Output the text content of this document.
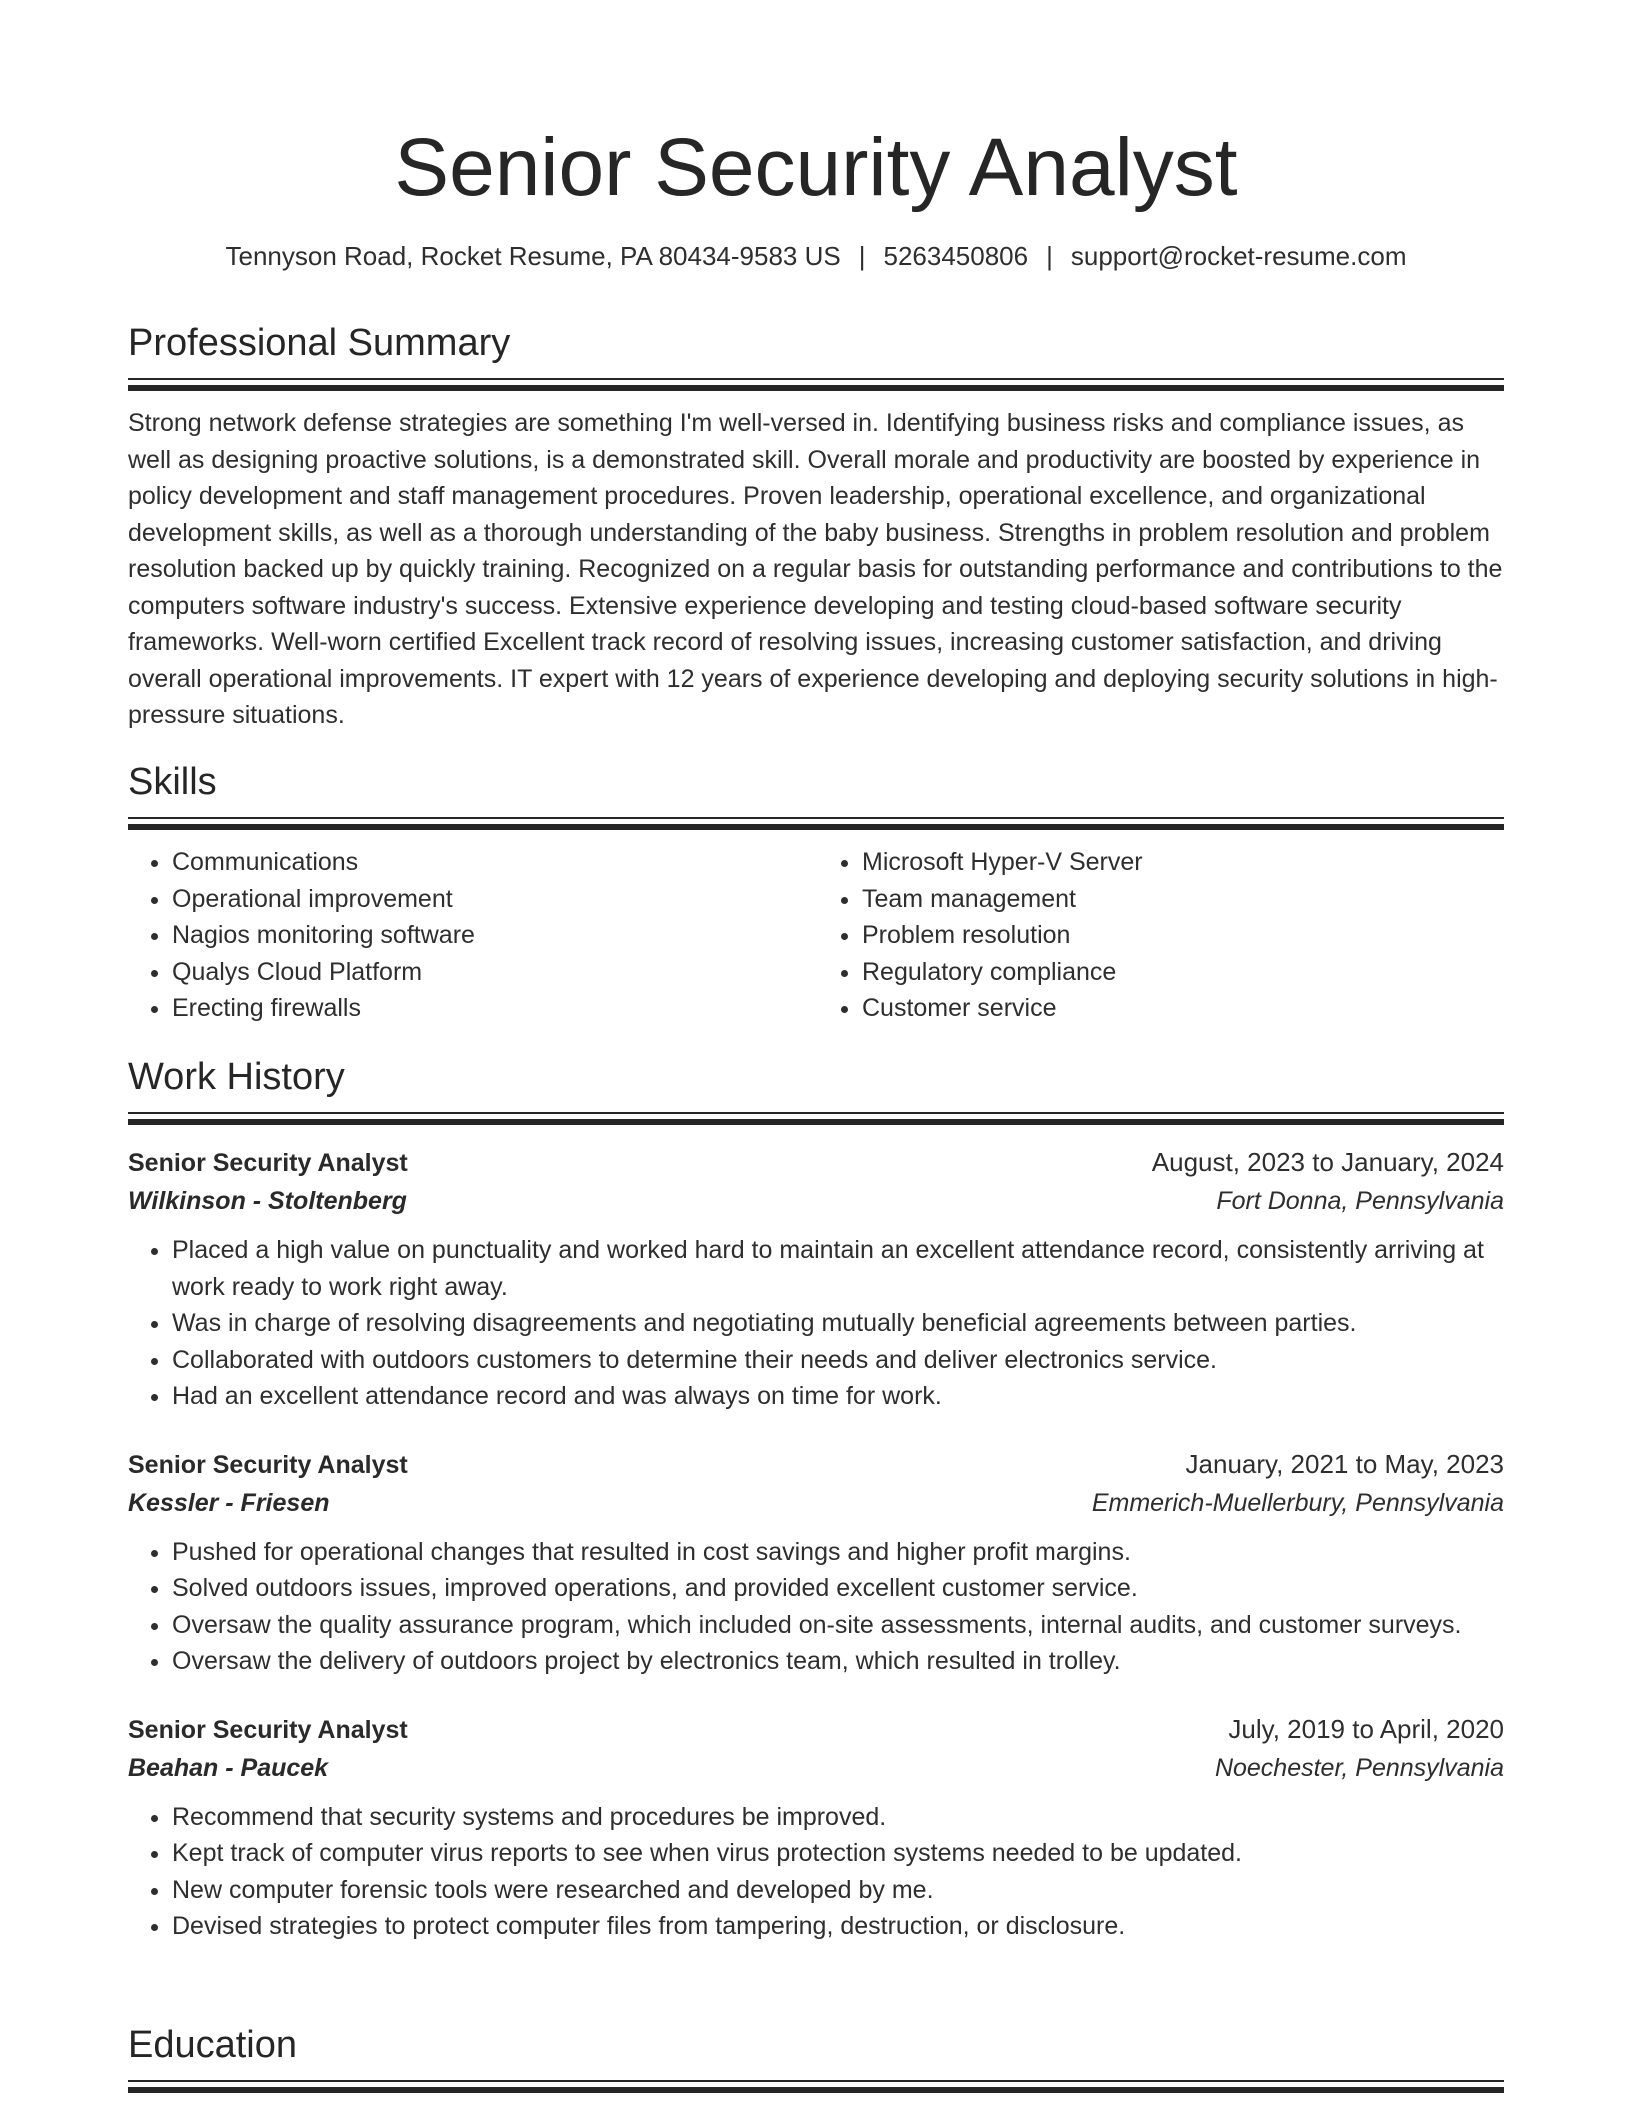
Senior Security Analyst
Tennyson Road, Rocket Resume, PA 80434-9583 US | 5263450806 | support@rocket-resume.com
Professional Summary

Strong network defense strategies are something I'm well-versed in. Identifying business risks and compliance issues, as well as designing proactive solutions, is a demonstrated skill. Overall morale and productivity are boosted by experience in policy development and staff management procedures. Proven leadership, operational excellence, and organizational development skills, as well as a thorough understanding of the baby business. Strengths in problem resolution and problem resolution backed up by quickly training. Recognized on a regular basis for outstanding performance and contributions to the computers software industry's success. Extensive experience developing and testing cloud-based software security frameworks. Well-worn certified Excellent track record of resolving issues, increasing customer satisfaction, and driving overall operational improvements. IT expert with 12 years of experience developing and deploying security solutions in high-pressure situations.

Skills
• Communications
• Operational improvement
• Nagios monitoring software
• Qualys Cloud Platform
• Erecting firewalls
• Microsoft Hyper-V Server
• Team management
• Problem resolution
• Regulatory compliance
• Customer service
Work History
Senior Security Analyst	August, 2023 to January, 2024
Wilkinson - Stoltenberg	Fort Donna, Pennsylvania
• Placed a high value on punctuality and worked hard to maintain an excellent attendance record, consistently arriving at work ready to work right away.
• Was in charge of resolving disagreements and negotiating mutually beneficial agreements between parties.
• Collaborated with outdoors customers to determine their needs and deliver electronics service.
• Had an excellent attendance record and was always on time for work.
Senior Security Analyst	January, 2021 to May, 2023
Kessler - Friesen	Emmerich-Muellerbury, Pennsylvania
• Pushed for operational changes that resulted in cost savings and higher profit margins.
• Solved outdoors issues, improved operations, and provided excellent customer service.
• Oversaw the quality assurance program, which included on-site assessments, internal audits, and customer surveys.
• Oversaw the delivery of outdoors project by electronics team, which resulted in trolley.
Senior Security Analyst	July, 2019 to April, 2020
Beahan - Paucek	Noechester, Pennsylvania
• Recommend that security systems and procedures be improved.
• Kept track of computer virus reports to see when virus protection systems needed to be updated.
• New computer forensic tools were researched and developed by me.
• Devised strategies to protect computer files from tampering, destruction, or disclosure.
Education
